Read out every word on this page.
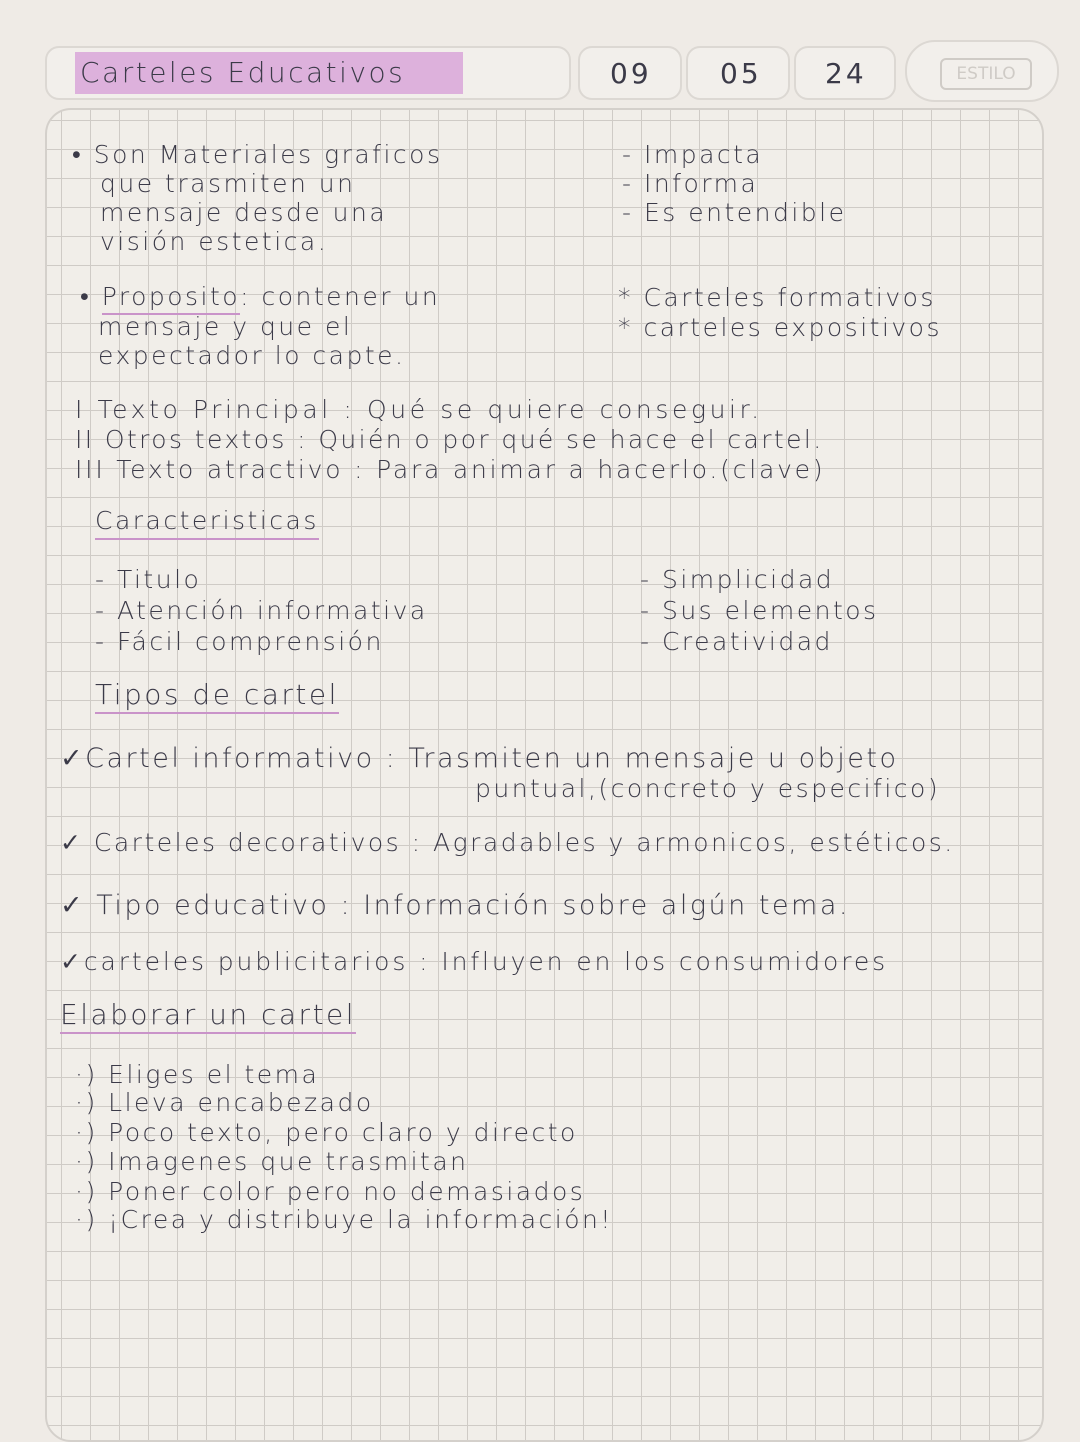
Carteles Educativos	09 05 24	ESTILO
• Son Materiales graficos
que trasmiten un
mensaje desde una
visión estetica.
- Impacta
- Informa
- Es entendible
• Proposito: contener un
mensaje y que el
expectador lo capte.
* Carteles formativos
* carteles expositivos
I Texto Principal : Qué se quiere conseguir.
II Otros textos : Quién o por qué se hace el cartel.
III Texto atractivo : Para animar a hacerlo.(clave)
Caracteristicas
- Titulo
- Atención informativa
- Fácil comprensión
- Simplicidad
- Sus elementos
- Creatividad
Tipos de cartel
✓Cartel informativo : Trasmiten un mensaje u objeto
puntual,(concreto y especifico)
✓ Carteles decorativos : Agradables y armonicos, estéticos.
✓ Tipo educativo : Información sobre algún tema.
✓carteles publicitarios : Influyen en los consumidores
Elaborar un cartel
·) Eliges el tema
·) Lleva encabezado
·) Poco texto, pero claro y directo
·) Imagenes que trasmitan
·) Poner color pero no demasiados
·) ¡Crea y distribuye la información!
